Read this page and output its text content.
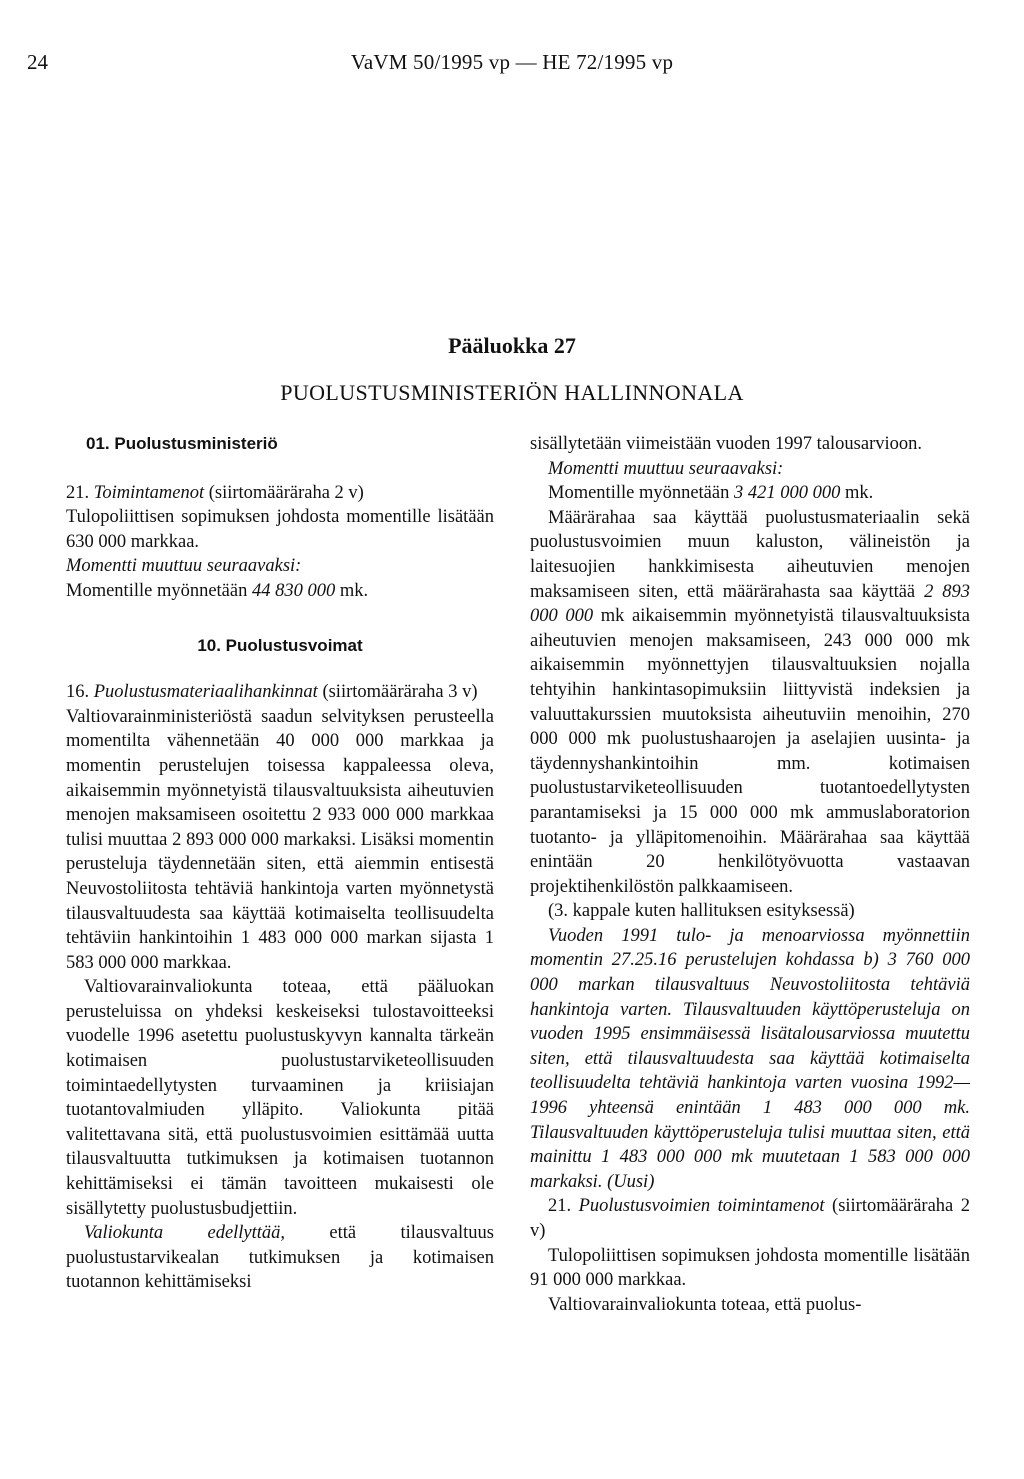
24	VaVM 50/1995 vp — HE 72/1995 vp
Pääluokka 27
PUOLUSTUSMINISTERIÖN HALLINNONALA
01. Puolustusministeriö

21. Toimintamenot (siirtomääräraha 2 v)

Tulopoliittisen sopimuksen johdosta momentille lisätään 630 000 markkaa.

Momentti muuttuu seuraavaksi:

Momentille myönnetään 44 830 000 mk.

10. Puolustusvoimat

16. Puolustusmateriaalihankinnat (siirtomääräraha 3 v)

Valtiovarainministeriöstä saadun selvityksen perusteella momentilta vähennetään 40 000 000 markkaa ja momentin perustelujen toisessa kappaleessa oleva, aikaisemmin myönnetyistä tilausvaltuuksista aiheutuvien menojen maksamiseen osoitettu 2 933 000 000 markkaa tulisi muuttaa 2 893 000 000 markaksi. Lisäksi momentin perusteluja täydennetään siten, että aiemmin entisestä Neuvostoliitosta tehtäviä hankintoja varten myönnetystä tilausvaltuudesta saa käyttää kotimaiselta teollisuudelta tehtäviin hankintoihin 1 483 000 000 markan sijasta 1 583 000 000 markkaa.

Valtiovarainvaliokunta toteaa, että pääluokan perusteluissa on yhdeksi keskeiseksi tulostavoitteeksi vuodelle 1996 asetettu puolustuskyvyn kannalta tärkeän kotimaisen puolustustarviketeollisuuden toimintaedellytysten turvaaminen ja kriisiajan tuotantovalmiuden ylläpito. Valiokunta pitää valitettavana sitä, että puolustusvoimien esittämää uutta tilausvaltuutta tutkimuksen ja kotimaisen tuotannon kehittämiseksi ei tämän tavoitteen mukaisesti ole sisällytetty puolustusbudjettiin.

Valiokunta edellyttää, että tilausvaltuus puolustustarvikealan tutkimuksen ja kotimaisen tuotannon kehittämiseksi

sisällytetään viimeistään vuoden 1997 talousarvioon.

Momentti muuttuu seuraavaksi:

Momentille myönnetään 3 421 000 000 mk.

Määrärahaa saa käyttää puolustusmateriaalin sekä puolustusvoimien muun kaluston, välineistön ja laitesuojien hankkimisesta aiheutuvien menojen maksamiseen siten, että määrärahasta saa käyttää 2 893 000 000 mk aikaisemmin myönnetyistä tilausvaltuuksista aiheutuvien menojen maksamiseen, 243 000 000 mk aikaisemmin myönnettyjen tilausvaltuuksien nojalla tehtyihin hankintasopimuksiin liittyvistä indeksien ja valuuttakurssien muutoksista aiheutuviin menoihin, 270 000 000 mk puolustushaarojen ja aselajien uusinta- ja täydennyshankintoihin mm. kotimaisen puolustustarviketeollisuuden tuotantoedellytysten parantamiseksi ja 15 000 000 mk ammuslaboratorion tuotanto- ja ylläpitomenoihin. Määrärahaa saa käyttää enintään 20 henkilötyövuotta vastaavan projektihenkilöstön palkkaamiseen.

(3. kappale kuten hallituksen esityksessä)

Vuoden 1991 tulo- ja menoarviossa myönnettiin momentin 27.25.16 perustelujen kohdassa b) 3 760 000 000 markan tilausvaltuus Neuvostoliitosta tehtäviä hankintoja varten. Tilausvaltuuden käyttöperusteluja on vuoden 1995 ensimmäisessä lisätalousarviossa muutettu siten, että tilausvaltuudesta saa käyttää kotimaiselta teollisuudelta tehtäviä hankintoja varten vuosina 1992—1996 yhteensä enintään 1 483 000 000 mk. Tilausvaltuuden käyttöperusteluja tulisi muuttaa siten, että mainittu 1 483 000 000 mk muutetaan 1 583 000 000 markaksi. (Uusi)

21. Puolustusvoimien toimintamenot (siirtomääräraha 2 v)

Tulopoliittisen sopimuksen johdosta momentille lisätään 91 000 000 markkaa.

Valtiovarainvaliokunta toteaa, että puolus-
